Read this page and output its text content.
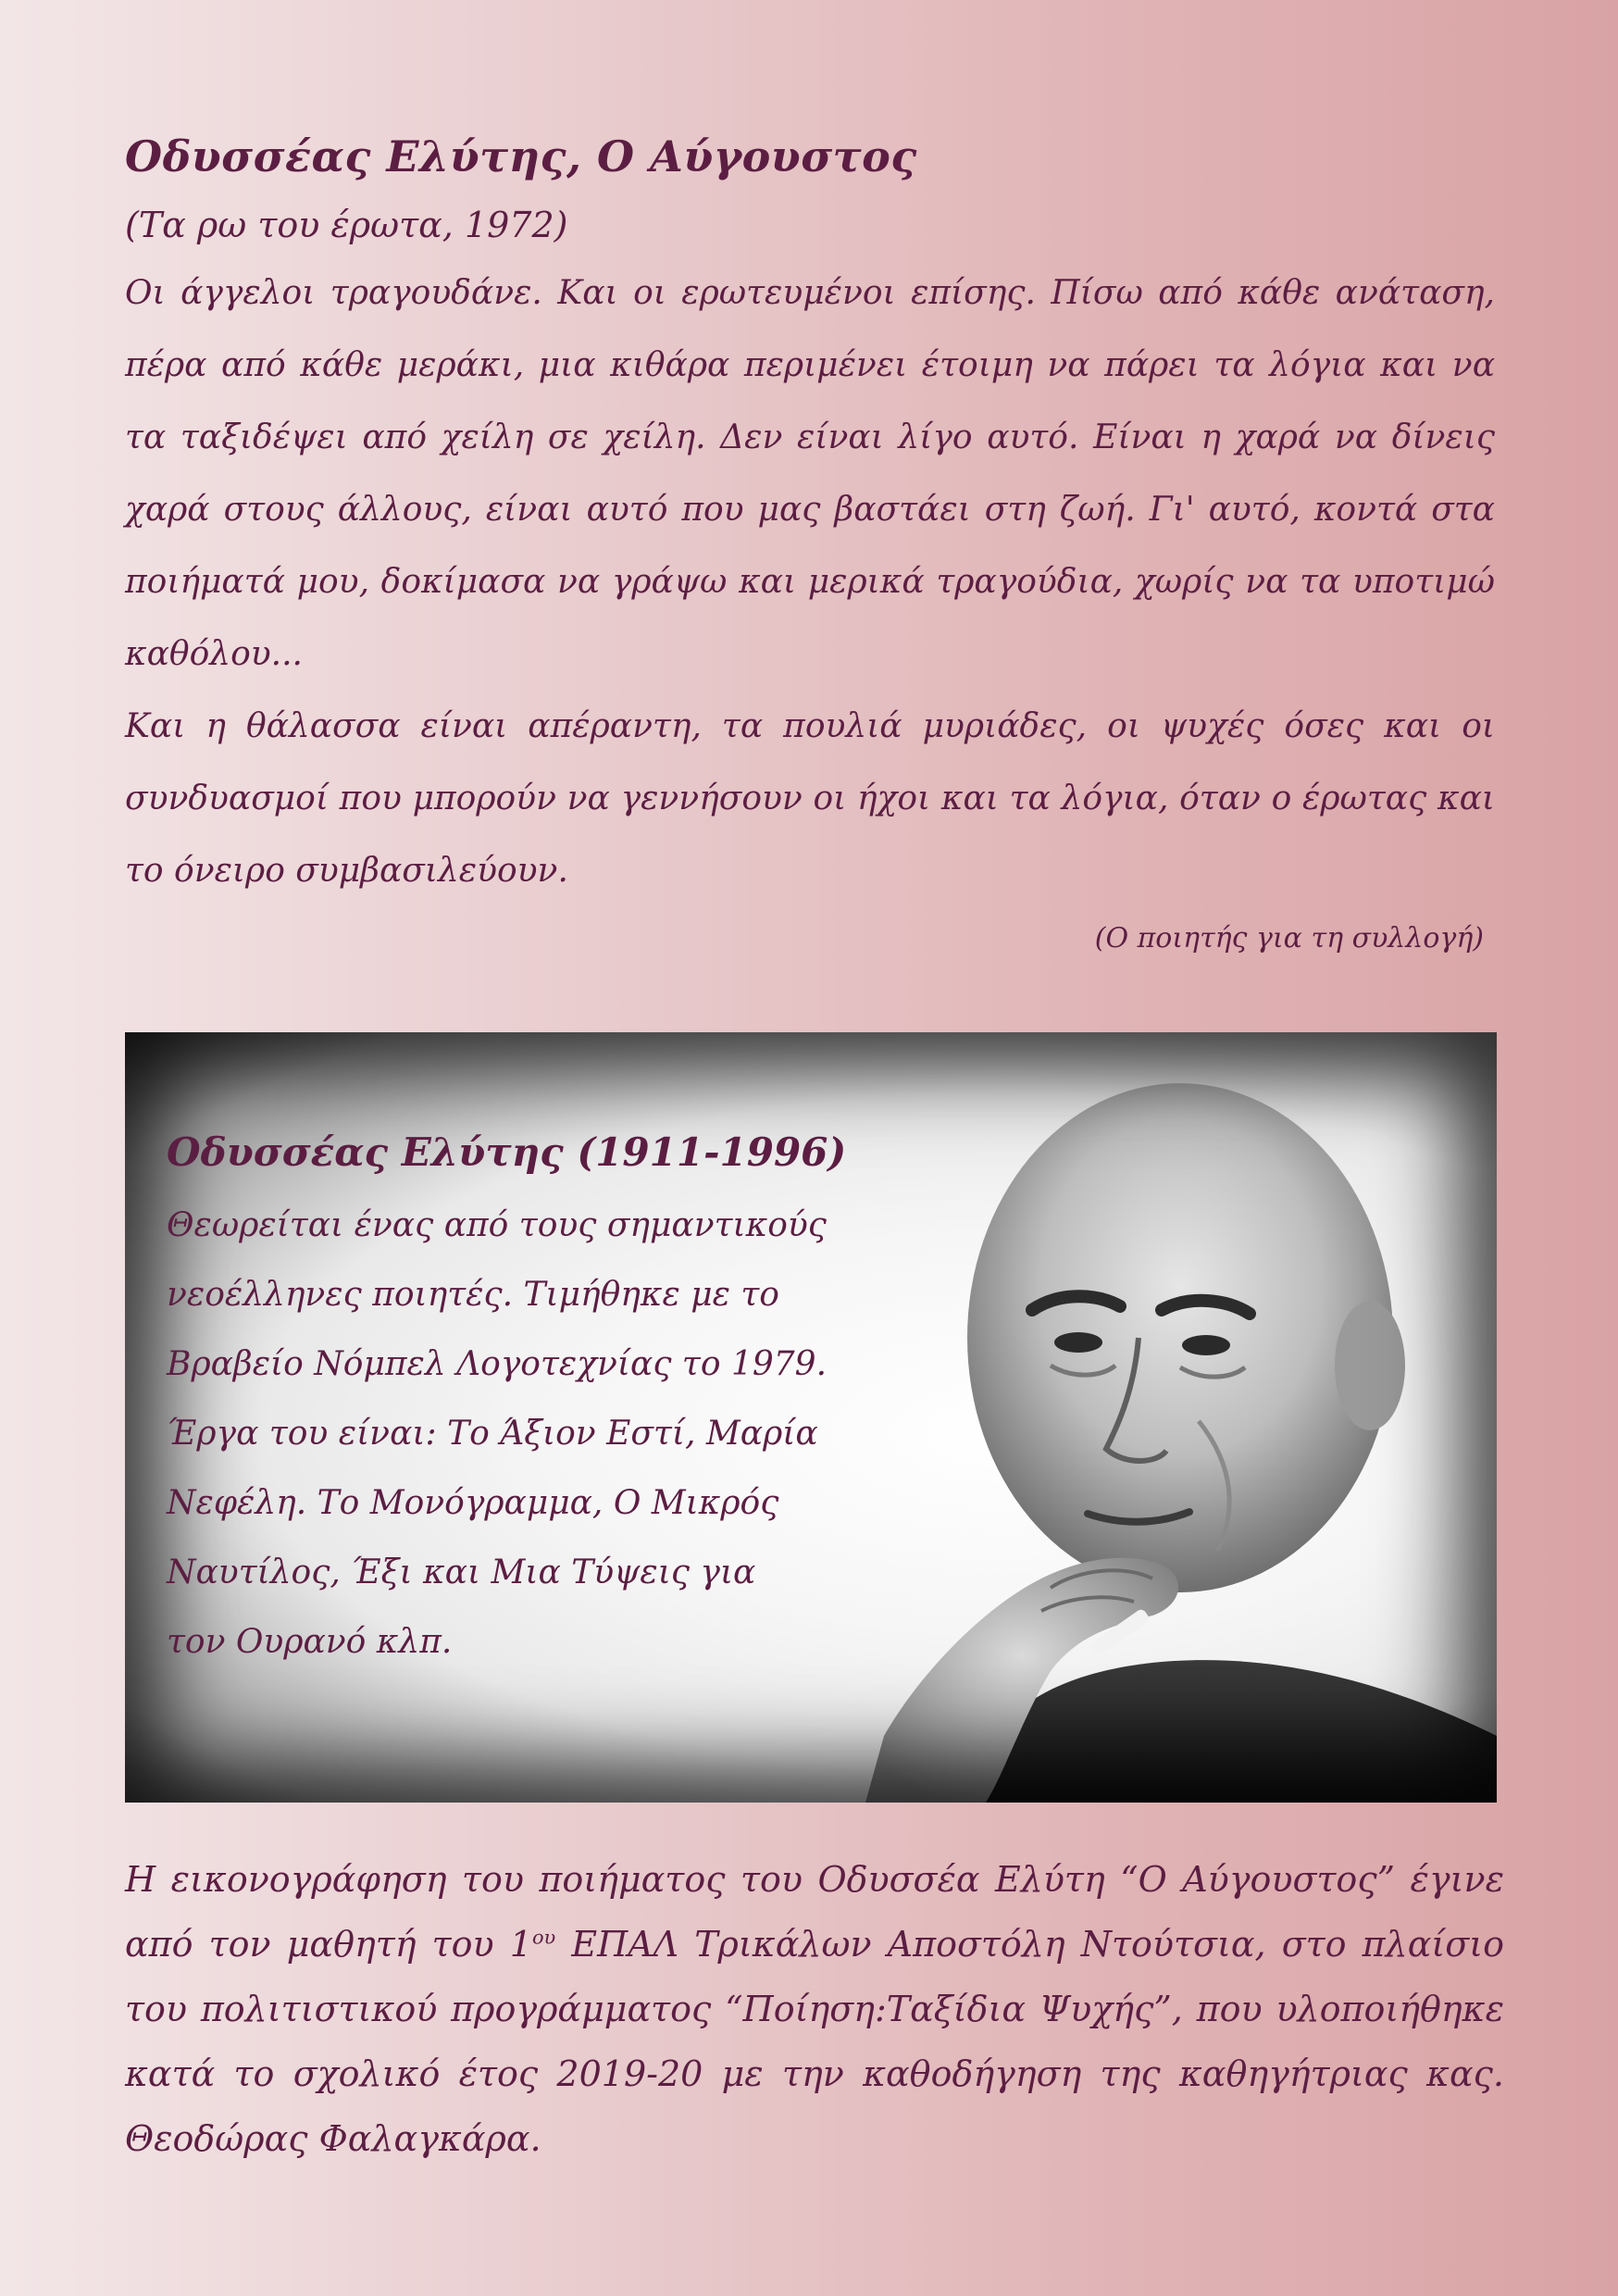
Οδυσσέας Ελύτης, Ο Αύγουστος
(Τα ρω του έρωτα, 1972)

Οι άγγελοι τραγουδάνε. Και οι ερωτευμένοι επίσης. Πίσω από κάθε ανάταση, πέρα από κάθε μεράκι, μια κιθάρα περιμένει έτοιμη να πάρει τα λόγια και να τα ταξιδέψει από χείλη σε χείλη. Δεν είναι λίγο αυτό. Είναι η χαρά να δίνεις χαρά στους άλλους, είναι αυτό που μας βαστάει στη ζωή. Γι' αυτό, κοντά στα ποιήματά μου, δοκίμασα να γράψω και μερικά τραγούδια, χωρίς να τα υποτιμώ καθόλου...

Και η θάλασσα είναι απέραντη, τα πουλιά μυριάδες, οι ψυχές όσες και οι συνδυασμοί που μπορούν να γεννήσουν οι ήχοι και τα λόγια, όταν ο έρωτας και το όνειρο συμβασιλεύουν.

(Ο ποιητής για τη συλλογή)
Οδυσσέας Ελύτης (1911-1996)
Θεωρείται ένας από τους σημαντικούς
νεοέλληνες ποιητές. Τιμήθηκε με το
Βραβείο Νόμπελ Λογοτεχνίας το 1979.
Έργα του είναι: Το Άξιον Εστί, Μαρία
Νεφέλη. Το Μονόγραμμα, Ο Μικρός
Ναυτίλος, Έξι και Μια Τύψεις για
τον Ουρανό κλπ.

Η εικονογράφηση του ποιήματος του Οδυσσέα Ελύτη “Ο Αύγουστος” έγινε από τον μαθητή του $1^{o\upsilon}$ ΕΠΑΛ Τρικάλων Αποστόλη Ντούτσια, στο πλαίσιο του πολιτιστικού προγράμματος “Ποίηση:Ταξίδια Ψυχής”, που υλοποιήθηκε κατά το σχολικό έτος 2019-20 με την καθοδήγηση της καθηγήτριας κας. Θεοδώρας Φαλαγκάρα.
